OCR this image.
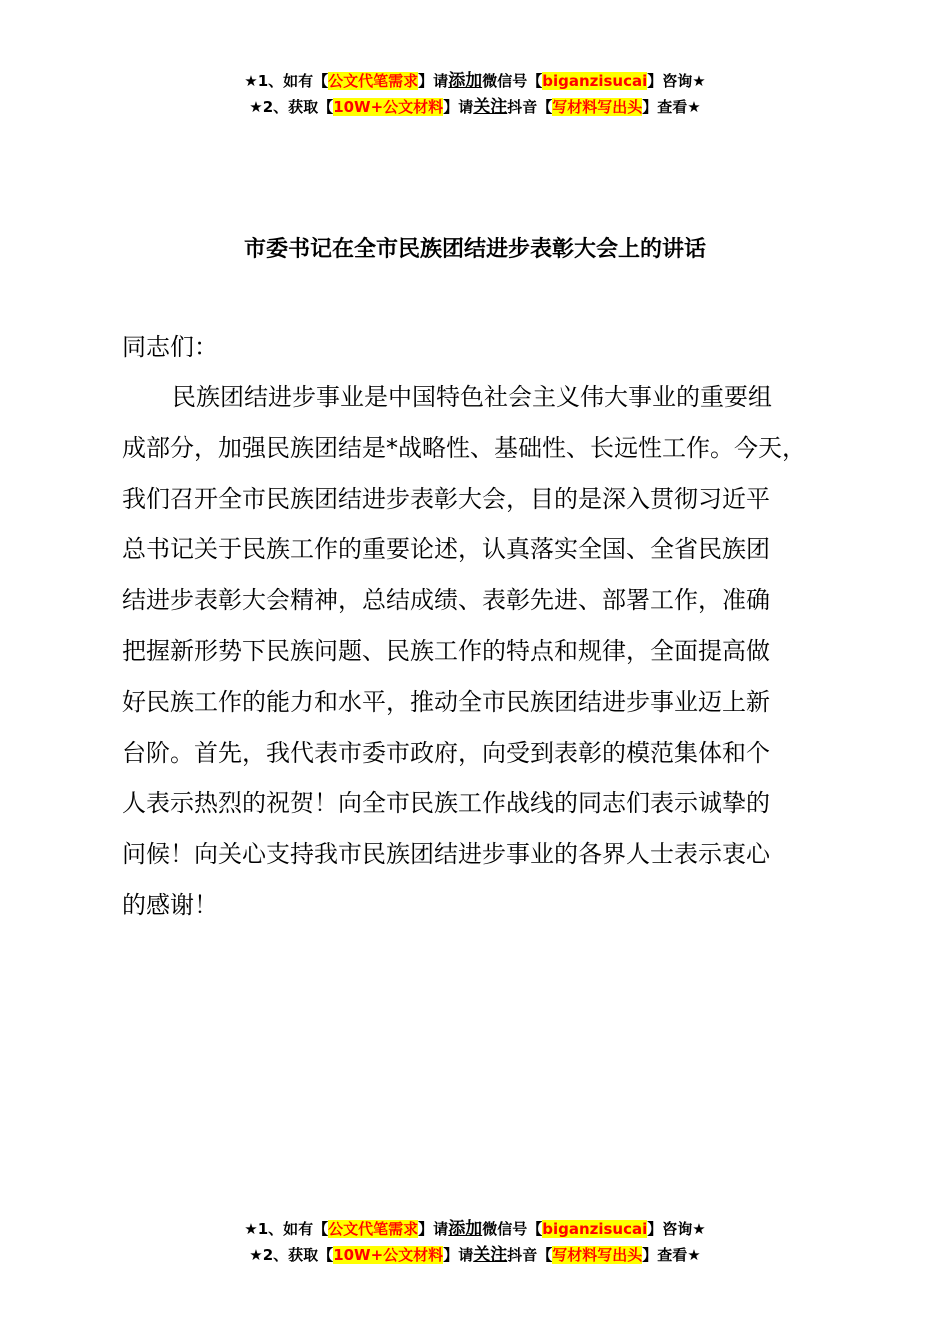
★1、如有【公文代笔需求】请添加微信号【biganzisucai】咨询★
★2、获取【10W+公文材料】请关注抖音【写材料写出头】查看★
市委书记在全市民族团结进步表彰大会上的讲话
同志们：
民族团结进步事业是中国特色社会主义伟大事业的重要组
成部分，加强民族团结是*战略性、基础性、长远性工作。今天，
我们召开全市民族团结进步表彰大会，目的是深入贯彻习近平
总书记关于民族工作的重要论述，认真落实全国、全省民族团
结进步表彰大会精神，总结成绩、表彰先进、部署工作，准确
把握新形势下民族问题、民族工作的特点和规律，全面提高做
好民族工作的能力和水平，推动全市民族团结进步事业迈上新
台阶。首先，我代表市委市政府，向受到表彰的模范集体和个
人表示热烈的祝贺！向全市民族工作战线的同志们表示诚挚的
问候！向关心支持我市民族团结进步事业的各界人士表示衷心
的感谢！
★1、如有【公文代笔需求】请添加微信号【biganzisucai】咨询★
★2、获取【10W+公文材料】请关注抖音【写材料写出头】查看★
